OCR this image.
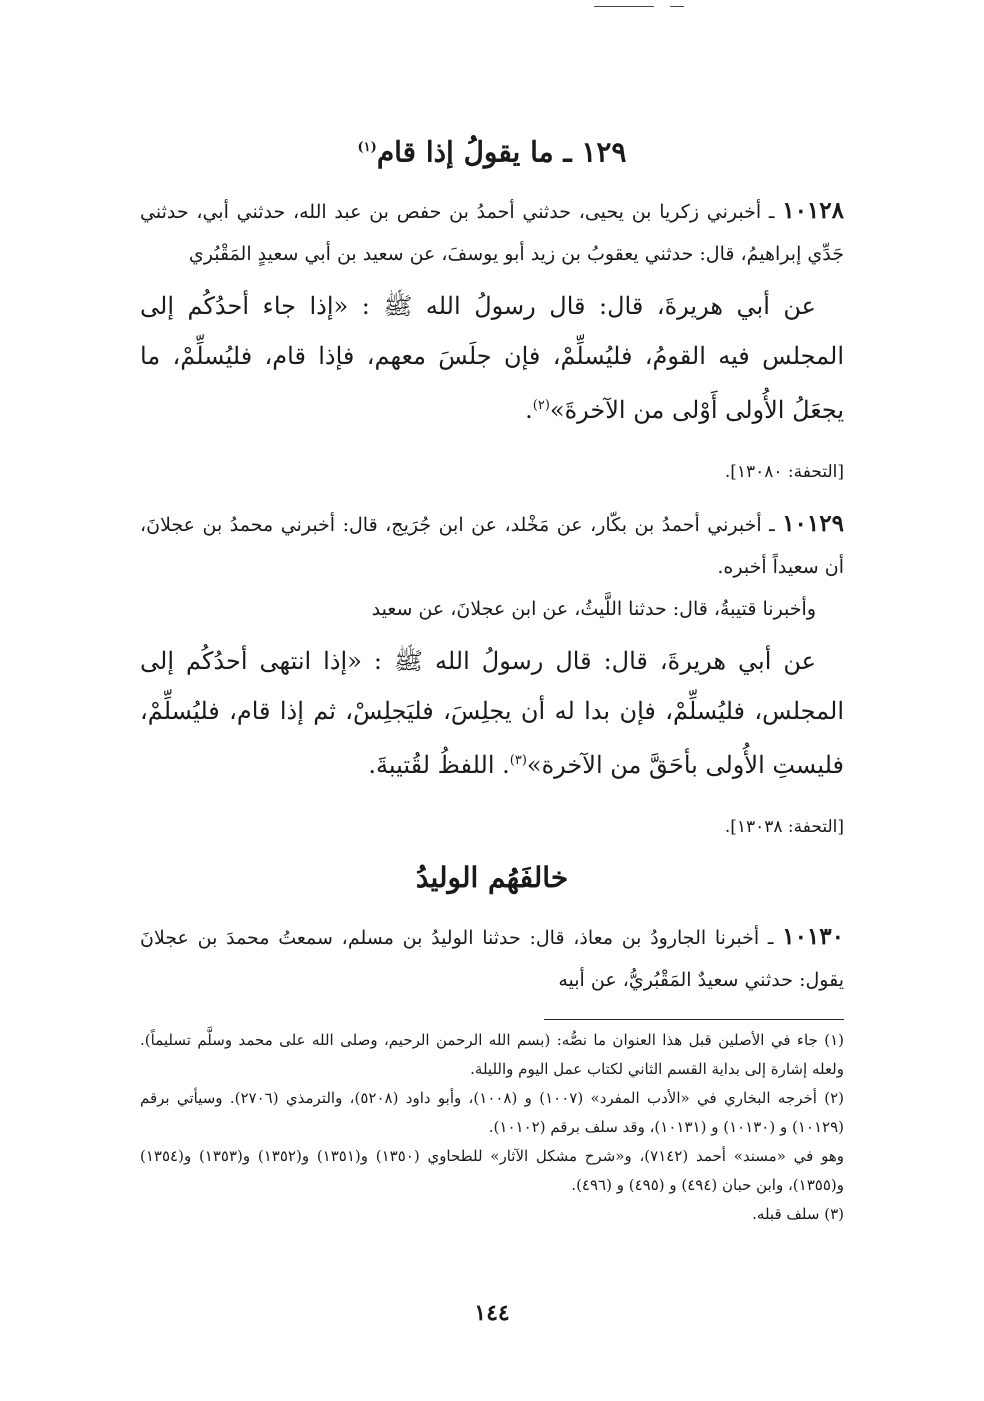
١٢٩ ـ ما يقولُ إذا قام$^{(١)}$

١٠١٢٨ ـ أخبرني زكريا بن يحيى، حدثني أحمدُ بن حفص بن عبد الله، حدثني أبي، حدثني جَدِّي إبراهيمُ، قال: حدثني يعقوبُ بن زيد أبو يوسفَ، عن سعيد بن أبي سعيدٍ المَقْبُري

عن أبي هريرةَ، قال: قال رسولُ الله ﷺ : «إذا جاء أحدُكُم إلى المجلس فيه القومُ، فليُسلِّمْ، فإن جلَسَ معهم، فإذا قام، فليُسلِّمْ، ما يجعَلُ الأُولى أَوْلى من الآخرةَ»$^{(٢)}$.

[التحفة: ١٣٠٨٠].

١٠١٢٩ ـ أخبرني أحمدُ بن بكّار، عن مَخْلد، عن ابن جُرَيج، قال: أخبرني محمدُ بن عجلانَ، أن سعيداً أخبره.

وأخبرنا قتيبةُ، قال: حدثنا اللَّيثُ، عن ابن عجلانَ، عن سعيد

عن أبي هريرةَ، قال: قال رسولُ الله ﷺ : «إذا انتهى أحدُكُم إلى المجلس، فليُسلِّمْ، فإن بدا له أن يجلِسَ، فليَجلِسْ، ثم إذا قام، فليُسلِّمْ، فليستِ الأُولى بأحَقَّ من الآخرة»$^{(٣)}$. اللفظُ لقُتيبةَ.

[التحفة: ١٣٠٣٨].

خالفَهُم الوليدُ

١٠١٣٠ ـ أخبرنا الجارودُ بن معاذ، قال: حدثنا الوليدُ بن مسلم، سمعتُ محمدَ بن عجلانَ يقول: حدثني سعيدٌ المَقْبُريُّ، عن أبيه

(١) جاء في الأصلين قبل هذا العنوان ما نصُّه: (بسم الله الرحمن الرحيم، وصلى الله على محمد وسلَّم تسليماً). ولعله إشارة إلى بداية القسم الثاني لكتاب عمل اليوم والليلة.

(٢) أخرجه البخاري في «الأدب المفرد» (١٠٠٧) و (١٠٠٨)، وأبو داود (٥٢٠٨)، والترمذي (٢٧٠٦). وسيأتي برقم (١٠١٢٩) و (١٠١٣٠) و (١٠١٣١)، وقد سلف برقم (١٠١٠٢).

وهو في «مسند» أحمد (٧١٤٢)، و«شرح مشكل الآثار» للطحاوي (١٣٥٠) و(١٣٥١) و(١٣٥٢) و(١٣٥٣) و(١٣٥٤) و(١٣٥٥)، وابن حبان (٤٩٤) و (٤٩٥) و (٤٩٦).

(٣) سلف قبله.

١٤٤
